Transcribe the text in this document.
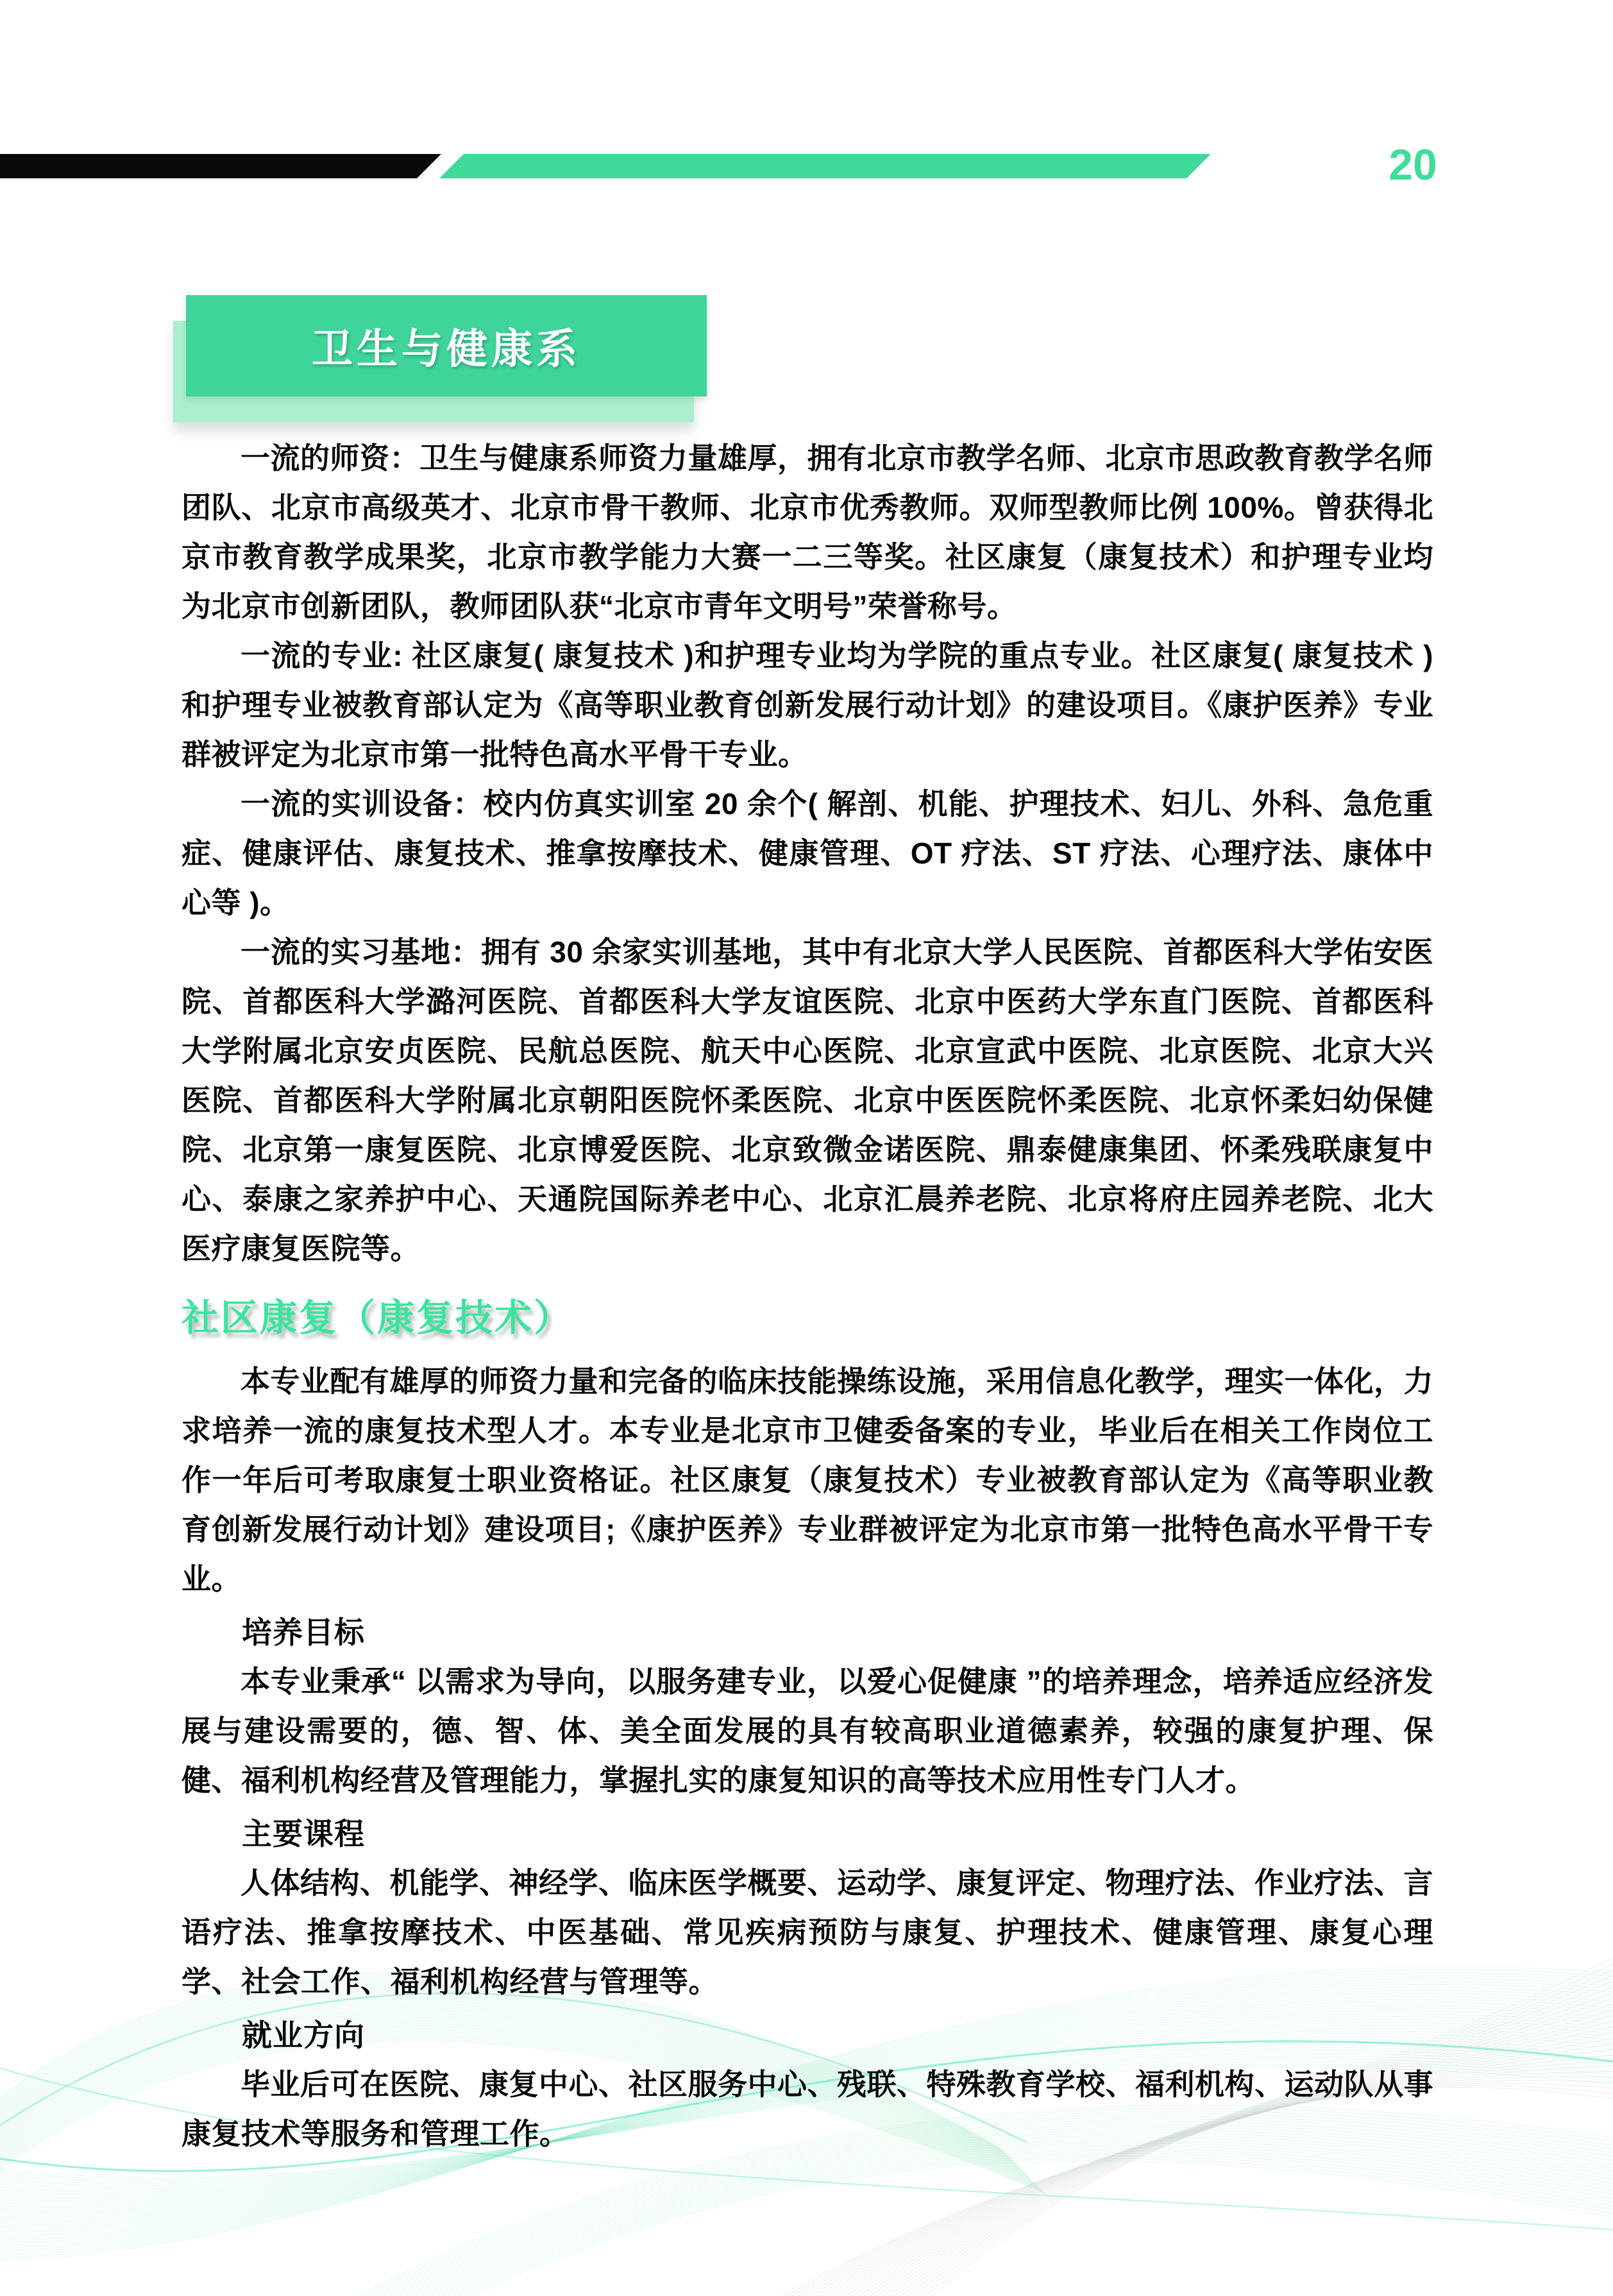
20
卫生与健康系

一流的师资：卫生与健康系师资力量雄厚，拥有北京市教学名师、北京市思政教育教学名师团队、北京市高级英才、北京市骨干教师、北京市优秀教师。双师型教师比例 100%。曾获得北京市教育教学成果奖，北京市教学能力大赛一二三等奖。社区康复（康复技术）和护理专业均为北京市创新团队，教师团队获“北京市青年文明号”荣誉称号。

一流的专业: 社区康复( 康复技术 )和护理专业均为学院的重点专业。社区康复( 康复技术 )和护理专业被教育部认定为《高等职业教育创新发展行动计划》的建设项目。《康护医养》专业群被评定为北京市第一批特色高水平骨干专业。

一流的实训设备：校内仿真实训室 20 余个( 解剖、机能、护理技术、妇儿、外科、急危重症、健康评估、康复技术、推拿按摩技术、健康管理、OT 疗法、ST 疗法、心理疗法、康体中心等 )。

一流的实习基地：拥有 30 余家实训基地，其中有北京大学人民医院、首都医科大学佑安医院、首都医科大学潞河医院、首都医科大学友谊医院、北京中医药大学东直门医院、首都医科大学附属北京安贞医院、民航总医院、航天中心医院、北京宣武中医院、北京医院、北京大兴医院、首都医科大学附属北京朝阳医院怀柔医院、北京中医医院怀柔医院、北京怀柔妇幼保健院、北京第一康复医院、北京博爱医院、北京致微金诺医院、鼎泰健康集团、怀柔残联康复中心、泰康之家养护中心、天通院国际养老中心、北京汇晨养老院、北京将府庄园养老院、北大医疗康复医院等。

社区康复（康复技术）

本专业配有雄厚的师资力量和完备的临床技能操练设施，采用信息化教学，理实一体化，力求培养一流的康复技术型人才。本专业是北京市卫健委备案的专业，毕业后在相关工作岗位工作一年后可考取康复士职业资格证。社区康复（康复技术）专业被教育部认定为《高等职业教育创新发展行动计划》建设项目;《康护医养》专业群被评定为北京市第一批特色高水平骨干专业。

培养目标

本专业秉承“ 以需求为导向，以服务建专业，以爱心促健康 ”的培养理念，培养适应经济发展与建设需要的，德、智、体、美全面发展的具有较高职业道德素养，较强的康复护理、保健、福利机构经营及管理能力，掌握扎实的康复知识的高等技术应用性专门人才。

主要课程

人体结构、机能学、神经学、临床医学概要、运动学、康复评定、物理疗法、作业疗法、言语疗法、推拿按摩技术、中医基础、常见疾病预防与康复、护理技术、健康管理、康复心理学、社会工作、福利机构经营与管理等。

就业方向

毕业后可在医院、康复中心、社区服务中心、残联、特殊教育学校、福利机构、运动队从事康复技术等服务和管理工作。
